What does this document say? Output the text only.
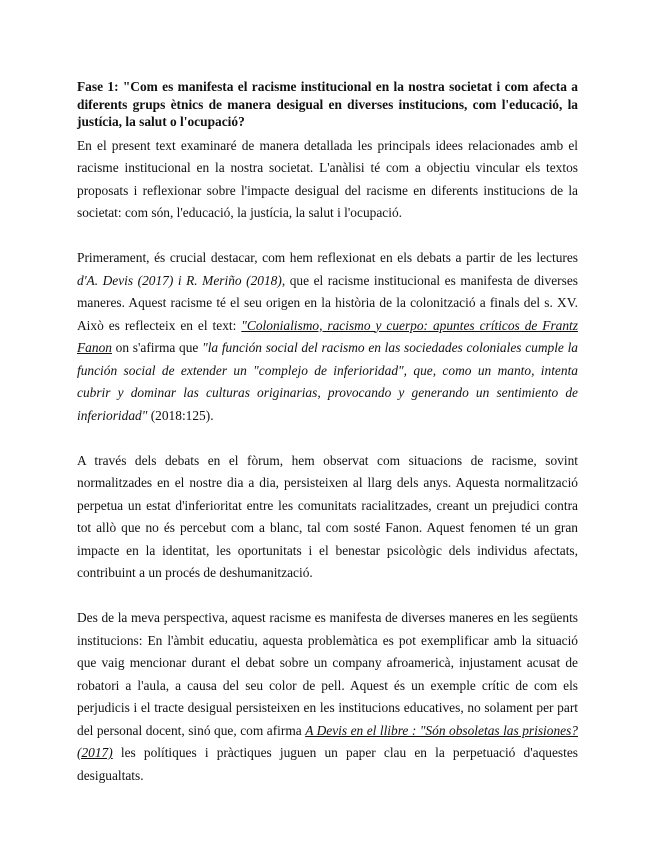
Fase 1: "Com es manifesta el racisme institucional en la nostra societat i com afecta a diferents grups ètnics de manera desigual en diverses institucions, com l'educació, la justícia, la salut o l'ocupació?

En el present text examinaré de manera detallada les principals idees relacionades amb el racisme institucional en la nostra societat. L'anàlisi té com a objectiu vincular els textos proposats i reflexionar sobre l'impacte desigual del racisme en diferents institucions de la societat: com són, l'educació, la justícia, la salut i l'ocupació.

Primerament, és crucial destacar, com hem reflexionat en els debats a partir de les lectures d'A. Devis (2017) i R. Meriño (2018), que el racisme institucional es manifesta de diverses maneres. Aquest racisme té el seu origen en la història de la colonització a finals del s. XV. Això es reflecteix en el text: "Colonialismo, racismo y cuerpo: apuntes críticos de Frantz Fanon on s'afirma que "la función social del racismo en las sociedades coloniales cumple la función social de extender un "complejo de inferioridad", que, como un manto, intenta cubrir y dominar las culturas originarias, provocando y generando un sentimiento de inferioridad" (2018:125).

A través dels debats en el fòrum, hem observat com situacions de racisme, sovint normalitzades en el nostre dia a dia, persisteixen al llarg dels anys. Aquesta normalització perpetua un estat d'inferioritat entre les comunitats racialitzades, creant un prejudici contra tot allò que no és percebut com a blanc, tal com sosté Fanon. Aquest fenomen té un gran impacte en la identitat, les oportunitats i el benestar psicològic dels individus afectats, contribuint a un procés de deshumanització.

Des de la meva perspectiva, aquest racisme es manifesta de diverses maneres en les següents institucions: En l'àmbit educatiu, aquesta problemàtica es pot exemplificar amb la situació que vaig mencionar durant el debat sobre un company afroamericà, injustament acusat de robatori a l'aula, a causa del seu color de pell. Aquest és un exemple crític de com els perjudicis i el tracte desigual persisteixen en les institucions educatives, no solament per part del personal docent, sinó que, com afirma A Devis en el llibre : "Són obsoletas las prisiones? (2017) les polítiques i pràctiques juguen un paper clau en la perpetuació d'aquestes desigualtats.
